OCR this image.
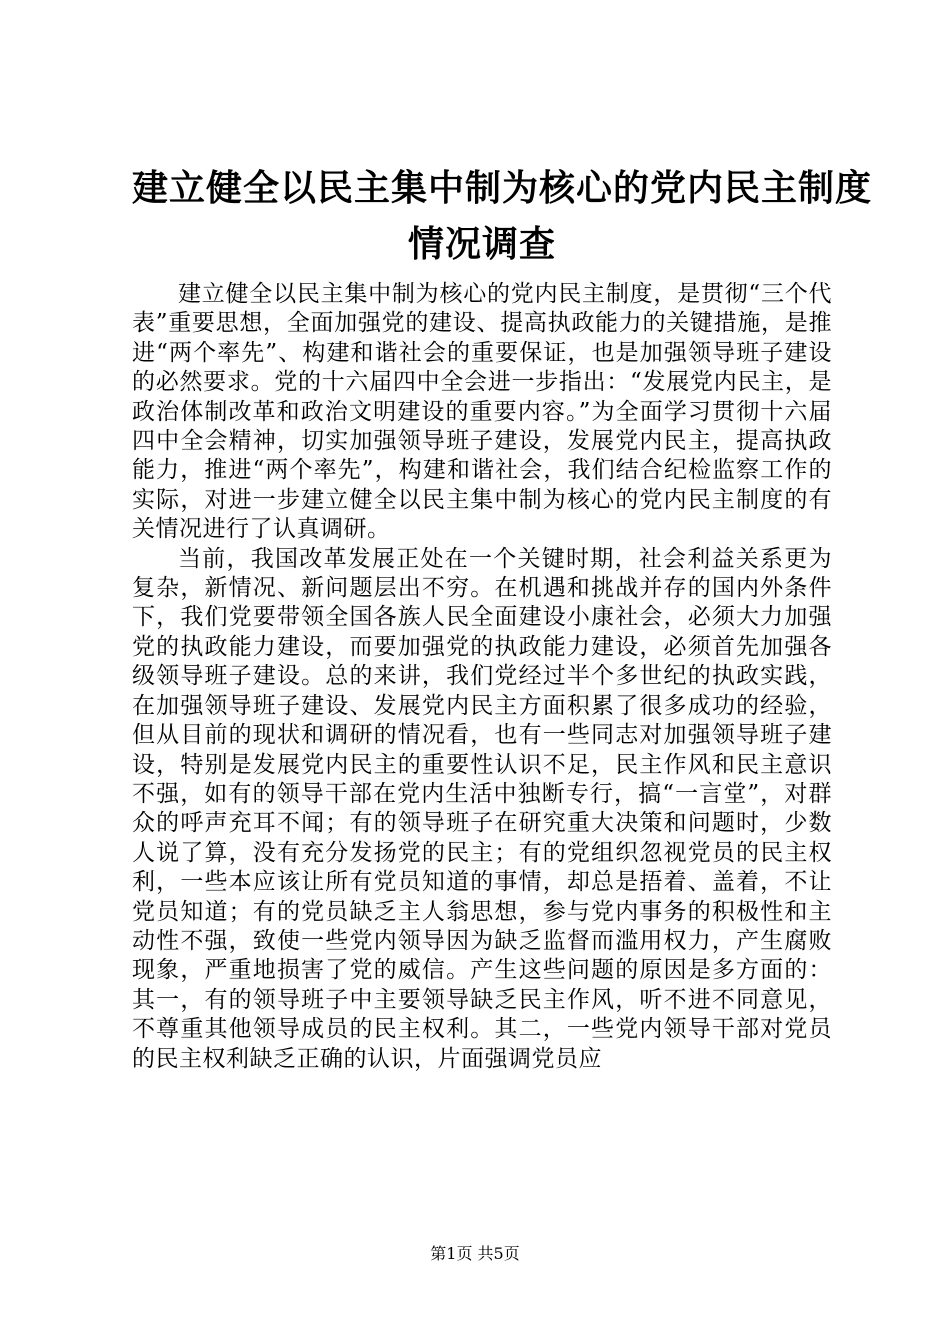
建立健全以民主集中制为核心的党内民主制度
情况调查

建立健全以民主集中制为核心的党内民主制度，是贯彻“三个代表”重要思想，全面加强党的建设、提高执政能力的关键措施，是推进“两个率先”、构建和谐社会的重要保证，也是加强领导班子建设的必然要求。党的十六届四中全会进一步指出：“发展党内民主，是政治体制改革和政治文明建设的重要内容。”为全面学习贯彻十六届四中全会精神，切实加强领导班子建设，发展党内民主，提高执政能力，推进“两个率先”，构建和谐社会，我们结合纪检监察工作的实际，对进一步建立健全以民主集中制为核心的党内民主制度的有关情况进行了认真调研。

当前，我国改革发展正处在一个关键时期，社会利益关系更为复杂，新情况、新问题层出不穷。在机遇和挑战并存的国内外条件下，我们党要带领全国各族人民全面建设小康社会，必须大力加强党的执政能力建设，而要加强党的执政能力建设，必须首先加强各级领导班子建设。总的来讲，我们党经过半个多世纪的执政实践，在加强领导班子建设、发展党内民主方面积累了很多成功的经验，但从目前的现状和调研的情况看，也有一些同志对加强领导班子建设，特别是发展党内民主的重要性认识不足，民主作风和民主意识不强，如有的领导干部在党内生活中独断专行，搞“一言堂”，对群众的呼声充耳不闻；有的领导班子在研究重大决策和问题时，少数人说了算，没有充分发扬党的民主；有的党组织忽视党员的民主权利，一些本应该让所有党员知道的事情，却总是捂着、盖着，不让党员知道；有的党员缺乏主人翁思想，参与党内事务的积极性和主动性不强，致使一些党内领导因为缺乏监督而滥用权力，产生腐败现象，严重地损害了党的威信。产生这些问题的原因是多方面的：其一，有的领导班子中主要领导缺乏民主作风，听不进不同意见，不尊重其他领导成员的民主权利。其二，一些党内领导干部对党员的民主权利缺乏正确的认识，片面强调党员应

第1页 共5页
